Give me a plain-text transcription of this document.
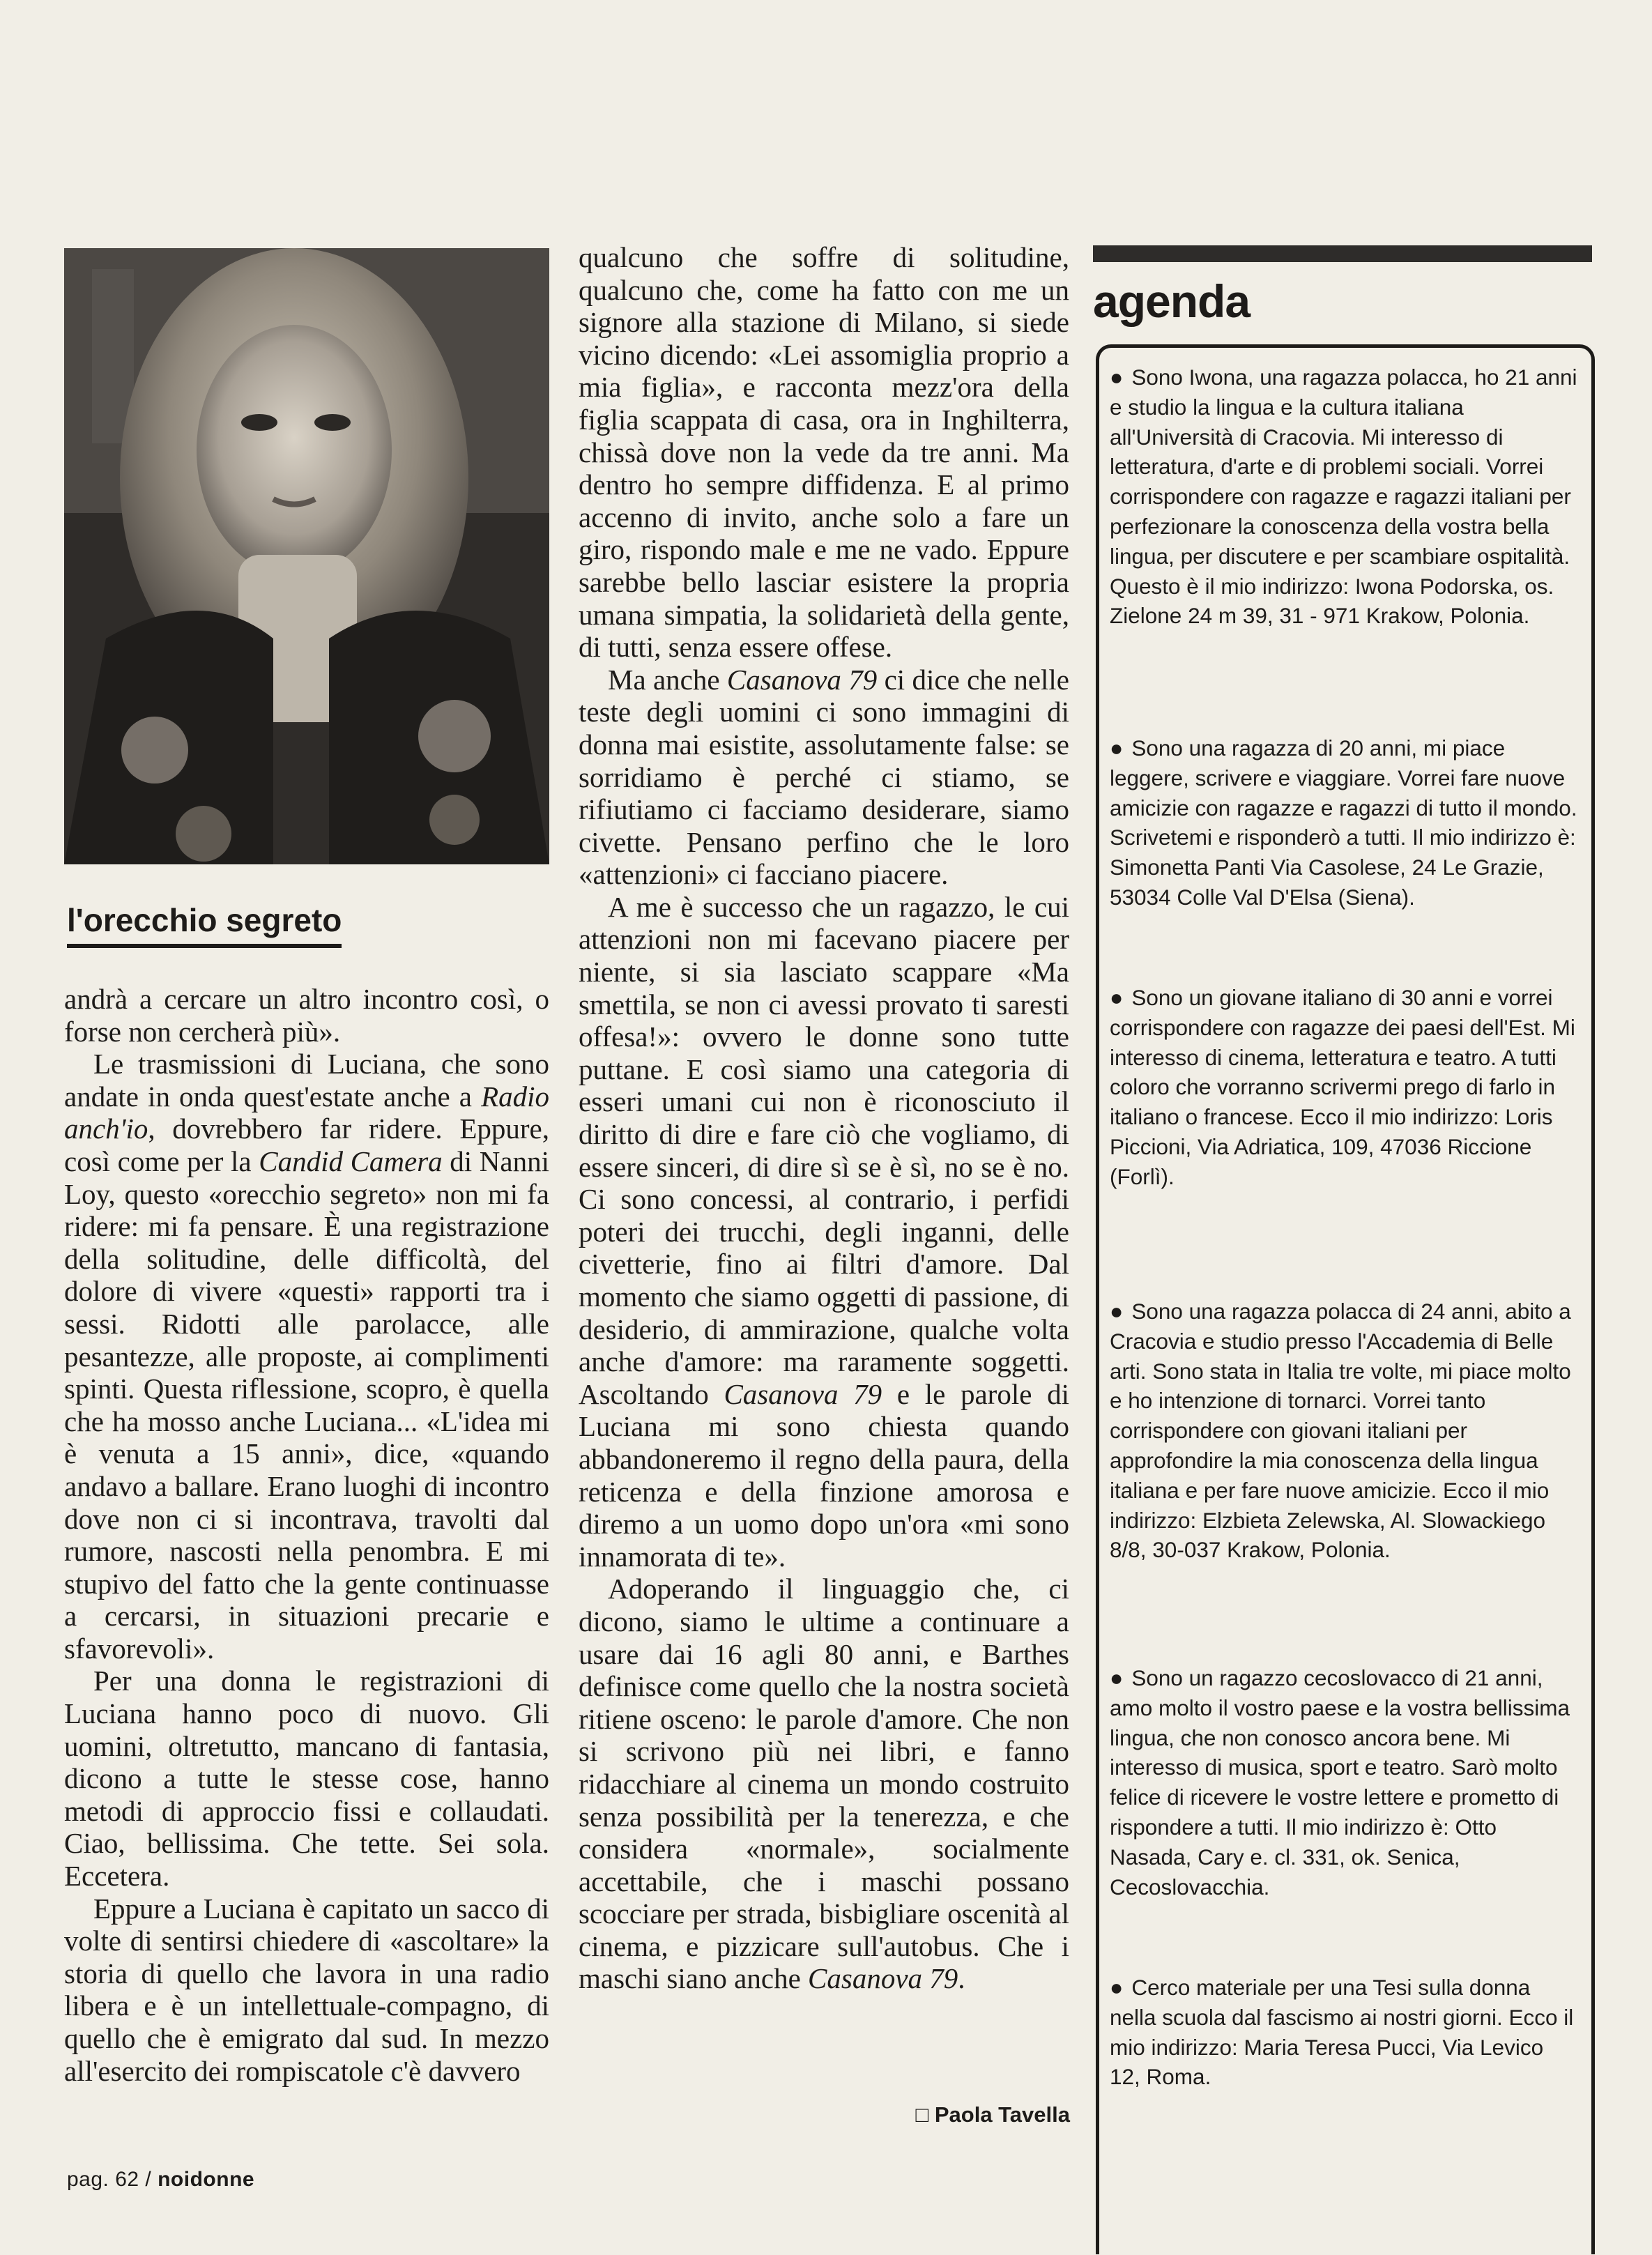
l'orecchio segreto

andrà a cercare un altro incontro così, o forse non cercherà più».

Le trasmissioni di Luciana, che sono andate in onda quest'estate anche a Radio anch'io, dovrebbero far ridere. Eppure, così come per la Candid Camera di Nanni Loy, questo «orecchio segreto» non mi fa ridere: mi fa pensare. È una registrazione della solitudine, delle difficoltà, del dolore di vivere «questi» rapporti tra i sessi. Ridotti alle parolacce, alle pesantezze, alle proposte, ai complimenti spinti. Questa riflessione, scopro, è quella che ha mosso anche Luciana... «L'idea mi è venuta a 15 anni», dice, «quando andavo a ballare. Erano luoghi di incontro dove non ci si incontrava, travolti dal rumore, nascosti nella penombra. E mi stupivo del fatto che la gente continuasse a cercarsi, in situazioni precarie e sfavorevoli».

Per una donna le registrazioni di Luciana hanno poco di nuovo. Gli uomini, oltretutto, mancano di fantasia, dicono a tutte le stesse cose, hanno metodi di approccio fissi e collaudati. Ciao, bellissima. Che tette. Sei sola. Eccetera.

Eppure a Luciana è capitato un sacco di volte di sentirsi chiedere di «ascoltare» la storia di quello che lavora in una radio libera e è un intellettuale-compagno, di quello che è emigrato dal sud. In mezzo all'esercito dei rompiscatole c'è davvero

qualcuno che soffre di solitudine, qualcuno che, come ha fatto con me un signore alla stazione di Milano, si siede vicino dicendo: «Lei assomiglia proprio a mia figlia», e racconta mezz'ora della figlia scappata di casa, ora in Inghilterra, chissà dove non la vede da tre anni. Ma dentro ho sempre diffidenza. E al primo accenno di invito, anche solo a fare un giro, rispondo male e me ne vado. Eppure sarebbe bello lasciar esistere la propria umana simpatia, la solidarietà della gente, di tutti, senza essere offese.

Ma anche Casanova 79 ci dice che nelle teste degli uomini ci sono immagini di donna mai esistite, assolutamente false: se sorridiamo è perché ci stiamo, se rifiutiamo ci facciamo desiderare, siamo civette. Pensano perfino che le loro «attenzioni» ci facciano piacere.

A me è successo che un ragazzo, le cui attenzioni non mi facevano piacere per niente, si sia lasciato scappare «Ma smettila, se non ci avessi provato ti saresti offesa!»: ovvero le donne sono tutte puttane. E così siamo una categoria di esseri umani cui non è riconosciuto il diritto di dire e fare ciò che vogliamo, di essere sinceri, di dire sì se è sì, no se è no. Ci sono concessi, al contrario, i perfidi poteri dei trucchi, degli inganni, delle civetterie, fino ai filtri d'amore. Dal momento che siamo oggetti di passione, di desiderio, di ammirazione, qualche volta anche d'amore: ma raramente soggetti. Ascoltando Casanova 79 e le parole di Luciana mi sono chiesta quando abbandoneremo il regno della paura, della reticenza e della finzione amorosa e diremo a un uomo dopo un'ora «mi sono innamorata di te».

Adoperando il linguaggio che, ci dicono, siamo le ultime a continuare a usare dai 16 agli 80 anni, e Barthes definisce come quello che la nostra società ritiene osceno: le parole d'amore. Che non si scrivono più nei libri, e fanno ridacchiare al cinema un mondo costruito senza possibilità per la tenerezza, e che considera «normale», socialmente accettabile, che i maschi possano scocciare per strada, bisbigliare oscenità al cinema, e pizzicare sull'autobus. Che i maschi siano anche Casanova 79.

□ Paola Tavella
agenda
● Sono Iwona, una ragazza polacca, ho 21 anni e studio la lingua e la cultura italiana all'Università di Cracovia. Mi interesso di letteratura, d'arte e di problemi sociali. Vorrei corrispondere con ragazze e ragazzi italiani per perfezionare la conoscenza della vostra bella lingua, per discutere e per scambiare ospitalità. Questo è il mio indirizzo: Iwona Podorska, os. Zielone 24 m 39, 31 - 971 Krakow, Polonia.
● Sono una ragazza di 20 anni, mi piace leggere, scrivere e viaggiare. Vorrei fare nuove amicizie con ragazze e ragazzi di tutto il mondo. Scrivetemi e risponderò a tutti. Il mio indirizzo è: Simonetta Panti Via Casolese, 24 Le Grazie, 53034 Colle Val D'Elsa (Siena).
● Sono un giovane italiano di 30 anni e vorrei corrispondere con ragazze dei paesi dell'Est. Mi interesso di cinema, letteratura e teatro. A tutti coloro che vorranno scrivermi prego di farlo in italiano o francese. Ecco il mio indirizzo: Loris Piccioni, Via Adriatica, 109, 47036 Riccione (Forlì).
● Sono una ragazza polacca di 24 anni, abito a Cracovia e studio presso l'Accademia di Belle arti. Sono stata in Italia tre volte, mi piace molto e ho intenzione di tornarci. Vorrei tanto corrispondere con giovani italiani per approfondire la mia conoscenza della lingua italiana e per fare nuove amicizie. Ecco il mio indirizzo: Elzbieta Zelewska, Al. Slowackiego 8/8, 30-037 Krakow, Polonia.
● Sono un ragazzo cecoslovacco di 21 anni, amo molto il vostro paese e la vostra bellissima lingua, che non conosco ancora bene. Mi interesso di musica, sport e teatro. Sarò molto felice di ricevere le vostre lettere e prometto di rispondere a tutti. Il mio indirizzo è: Otto Nasada, Cary e. cl. 331, ok. Senica, Cecoslovacchia.
● Cerco materiale per una Tesi sulla donna nella scuola dal fascismo ai nostri giorni. Ecco il mio indirizzo: Maria Teresa Pucci, Via Levico 12, Roma.
pag. 62 / noidonne
